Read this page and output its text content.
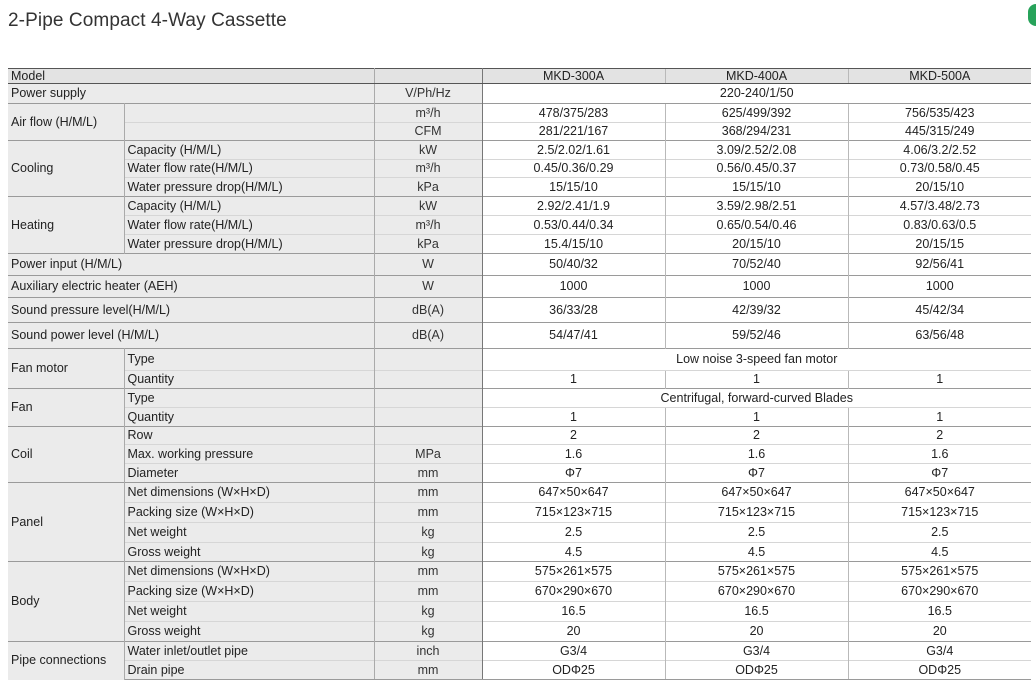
2-Pipe Compact 4-Way Cassette
Model			MKD-300A	MKD-400A	MKD-500A
Power supply		V/Ph/Hz	220-240/1/50		
Air flow (H/M/L)		m³/h	478/375/283	625/499/392	756/535/423
		CFM	281/221/167	368/294/231	445/315/249
Cooling	Capacity (H/M/L)	kW	2.5/2.02/1.61	3.09/2.52/2.08	4.06/3.2/2.52
	Water flow rate(H/M/L)	m³/h	0.45/0.36/0.29	0.56/0.45/0.37	0.73/0.58/0.45
	Water pressure drop(H/M/L)	kPa	15/15/10	15/15/10	20/15/10
Heating	Capacity (H/M/L)	kW	2.92/2.41/1.9	3.59/2.98/2.51	4.57/3.48/2.73
	Water flow rate(H/M/L)	m³/h	0.53/0.44/0.34	0.65/0.54/0.46	0.83/0.63/0.5
	Water pressure drop(H/M/L)	kPa	15.4/15/10	20/15/10	20/15/15
Power input (H/M/L)		W	50/40/32	70/52/40	92/56/41
Auxiliary electric heater (AEH)		W	1000	1000	1000
Sound pressure level(H/M/L)		dB(A)	36/33/28	42/39/32	45/42/34
Sound power level (H/M/L)		dB(A)	54/47/41	59/52/46	63/56/48
Fan motor	Type		Low noise 3-speed fan motor		
	Quantity		1	1	1
Fan	Type		Centrifugal, forward-curved Blades		
	Quantity		1	1	1
Coil	Row		2	2	2
	Max. working pressure	MPa	1.6	1.6	1.6
	Diameter	mm	Φ7	Φ7	Φ7
Panel	Net dimensions (W×H×D)	mm	647×50×647	647×50×647	647×50×647
	Packing size (W×H×D)	mm	715×123×715	715×123×715	715×123×715
	Net weight	kg	2.5	2.5	2.5
	Gross weight	kg	4.5	4.5	4.5
Body	Net dimensions (W×H×D)	mm	575×261×575	575×261×575	575×261×575
	Packing size (W×H×D)	mm	670×290×670	670×290×670	670×290×670
	Net weight	kg	16.5	16.5	16.5
	Gross weight	kg	20	20	20
Pipe connections	Water inlet/outlet pipe	inch	G3/4	G3/4	G3/4
	Drain pipe	mm	ODΦ25	ODΦ25	ODΦ25
